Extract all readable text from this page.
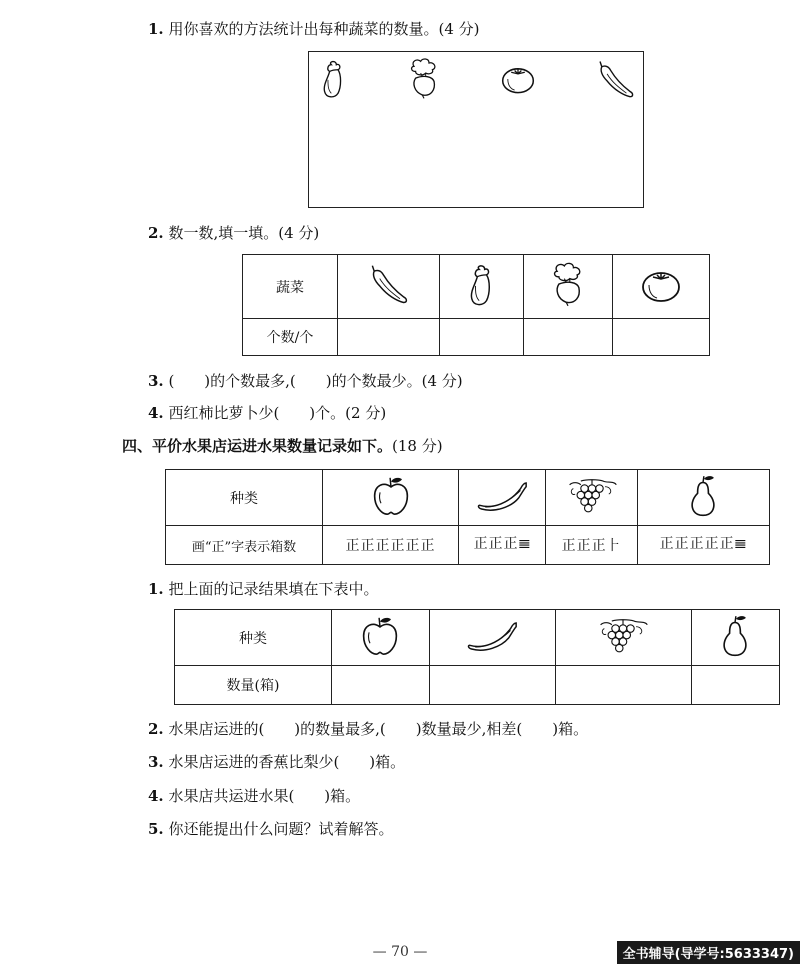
1. 用你喜欢的方法统计出每种蔬菜的数量。(4 分)
2. 数一数,填一填。(4 分)
蔬菜				
个数/个				
3. (　　)的个数最多,(　　)的个数最少。(4 分)
4. 西红柿比萝卜少(　　)个。(2 分)
四、平价水果店运进水果数量记录如下。(18 分)
种类				
画“正”字表示箱数	正正正正正正	正正正𝍣	正正正⺊	正正正正正𝍣
1. 把上面的记录结果填在下表中。
种类				
数量(箱)				
2. 水果店运进的(　　)的数量最多,(　　)数量最少,相差(　　)箱。
3. 水果店运进的香蕉比梨少(　　)箱。
4. 水果店共运进水果(　　)箱。
5. 你还能提出什么问题？试着解答。
— 70 —	全书辅导(导学号:5633347)
